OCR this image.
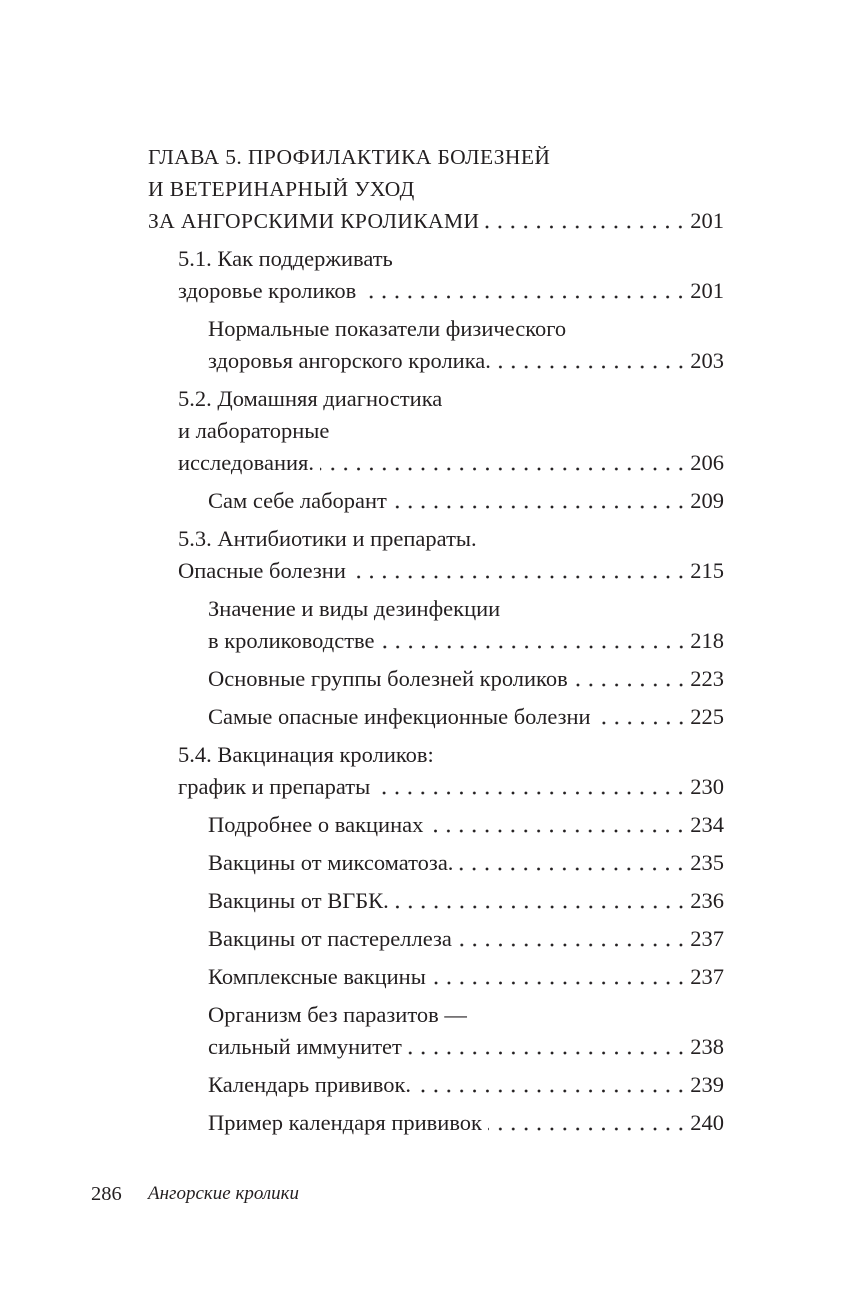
ГЛАВА 5. ПРОФИЛАКТИКА БОЛЕЗНЕЙ
И ВЕТЕРИНАРНЫЙ УХОД
ЗА АНГОРСКИМИ КРОЛИКАМИ	201
5.1. Как поддерживать
здоровье кроликов	201
Нормальные показатели физического
здоровья ангорского кролика.	203
5.2. Домашняя диагностика
и лабораторные
исследования.	206
Сам себе лаборант	209
5.3. Антибиотики и препараты.
Опасные болезни	215
Значение и виды дезинфекции
в кролиководстве	218
Основные группы болезней кроликов	223
Самые опасные инфекционные болезни	225
5.4. Вакцинация кроликов:
график и препараты	230
Подробнее о вакцинах	234
Вакцины от миксоматоза.	235
Вакцины от ВГБК.	236
Вакцины от пастереллеза	237
Комплексные вакцины	237
Организм без паразитов —
сильный иммунитет	238
Календарь прививок.	239
Пример календаря прививок	240
286 Ангорские кролики
